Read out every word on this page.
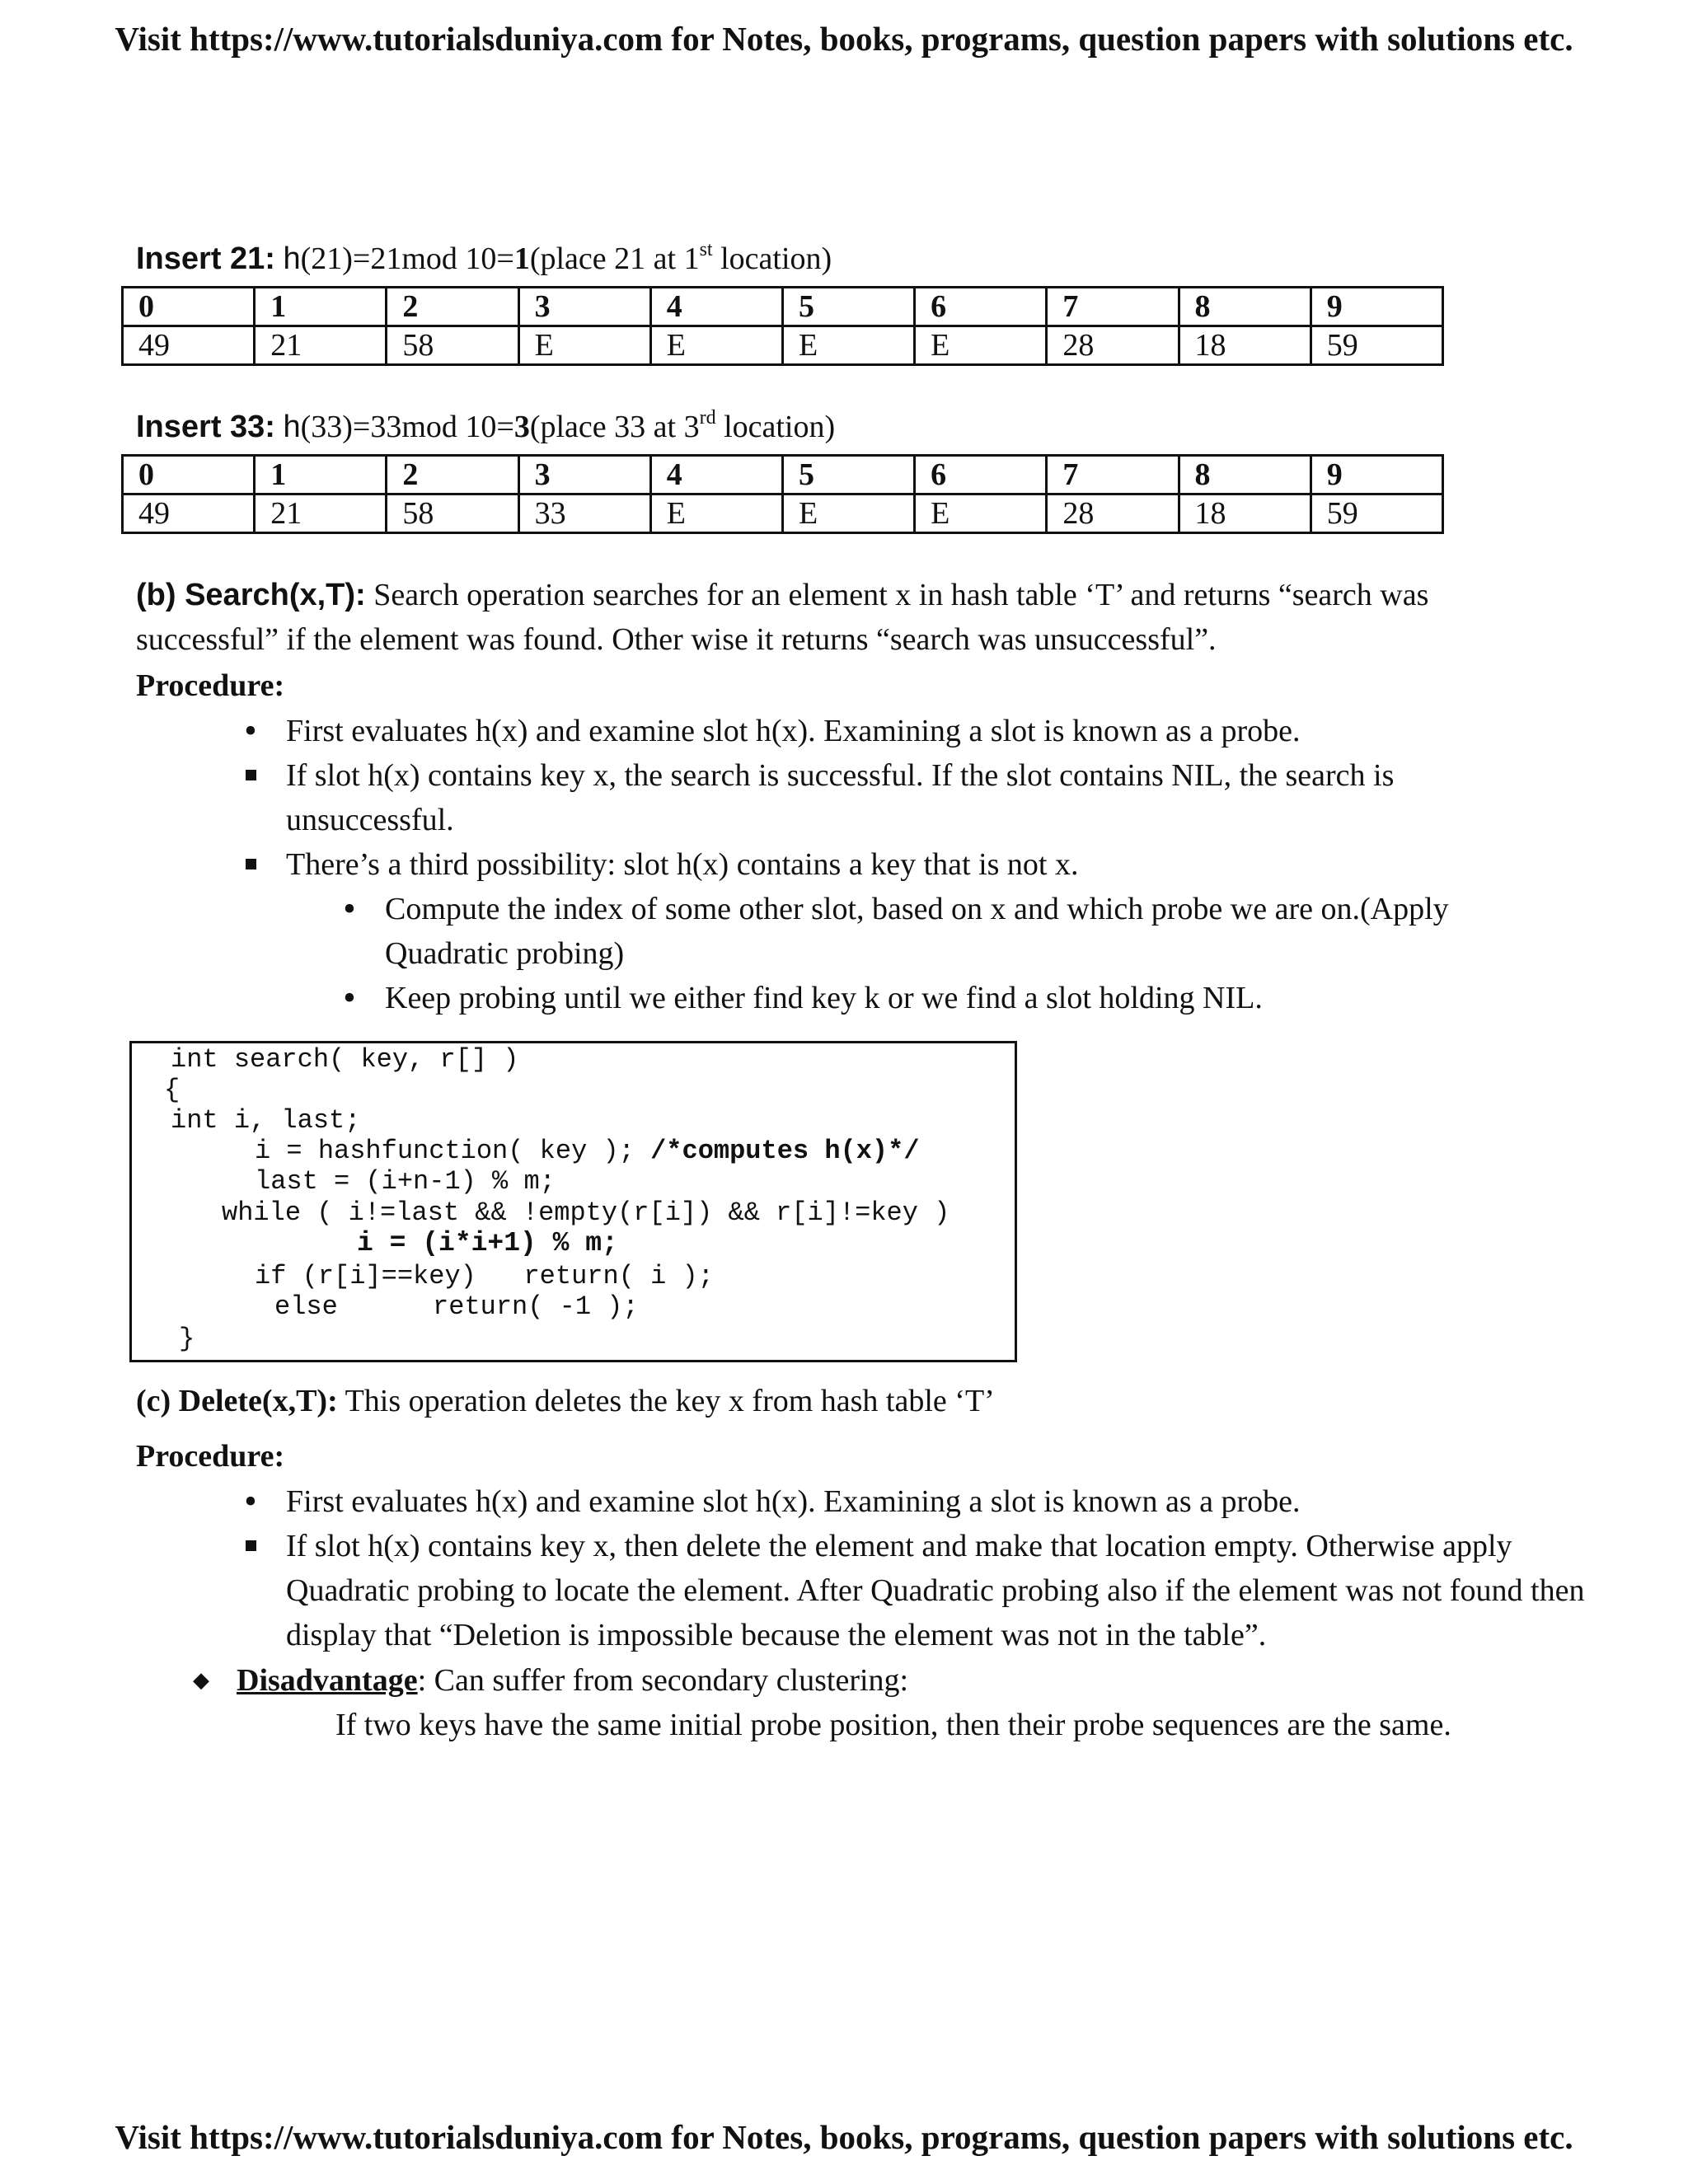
Visit https://www.tutorialsduniya.com for Notes, books, programs, question papers with solutions etc.
Insert 21: h(21)=21mod 10=1(place 21 at 1st location)
0	1	2	3	4	5	6	7	8	9
49	21	58	E	E	E	E	28	18	59
Insert 33: h(33)=33mod 10=3(place 33 at 3rd location)
0	1	2	3	4	5	6	7	8	9
49	21	58	33	E	E	E	28	18	59
(b) Search(x,T): Search operation searches for an element x in hash table ‘T’ and returns “search was successful” if the element was found. Other wise it returns “search was unsuccessful”.
Procedure:
•
First evaluates h(x) and examine slot h(x). Examining a slot is known as a probe.
If slot h(x) contains key x, the search is successful. If the slot contains NIL, the search is unsuccessful.
There’s a third possibility: slot h(x) contains a key that is not x.
•
Compute the index of some other slot, based on x and which probe we are on.(Apply Quadratic probing)
•
Keep probing until we either find key k or we find a slot holding NIL.
int search( key, r[] )
{
int i, last;
i = hashfunction( key ); /*computes h(x)*/
last = (i+n-1) % m;
while ( i!=last && !empty(r[i]) && r[i]!=key )
i = (i*i+1) % m;
if (r[i]==key)   return( i );
else      return( -1 );
}
(c) Delete(x,T): This operation deletes the key x from hash table ‘T’
Procedure:
•
First evaluates h(x) and examine slot h(x). Examining a slot is known as a probe.
If slot h(x) contains key x, then delete the element and make that location empty. Otherwise apply Quadratic probing to locate the element. After Quadratic probing also if the element was not found then display that “Deletion is impossible because the element was not in the table”.
◆
Disadvantage: Can suffer from secondary clustering:
If two keys have the same initial probe position, then their probe sequences are the same.
Visit https://www.tutorialsduniya.com for Notes, books, programs, question papers with solutions etc.
